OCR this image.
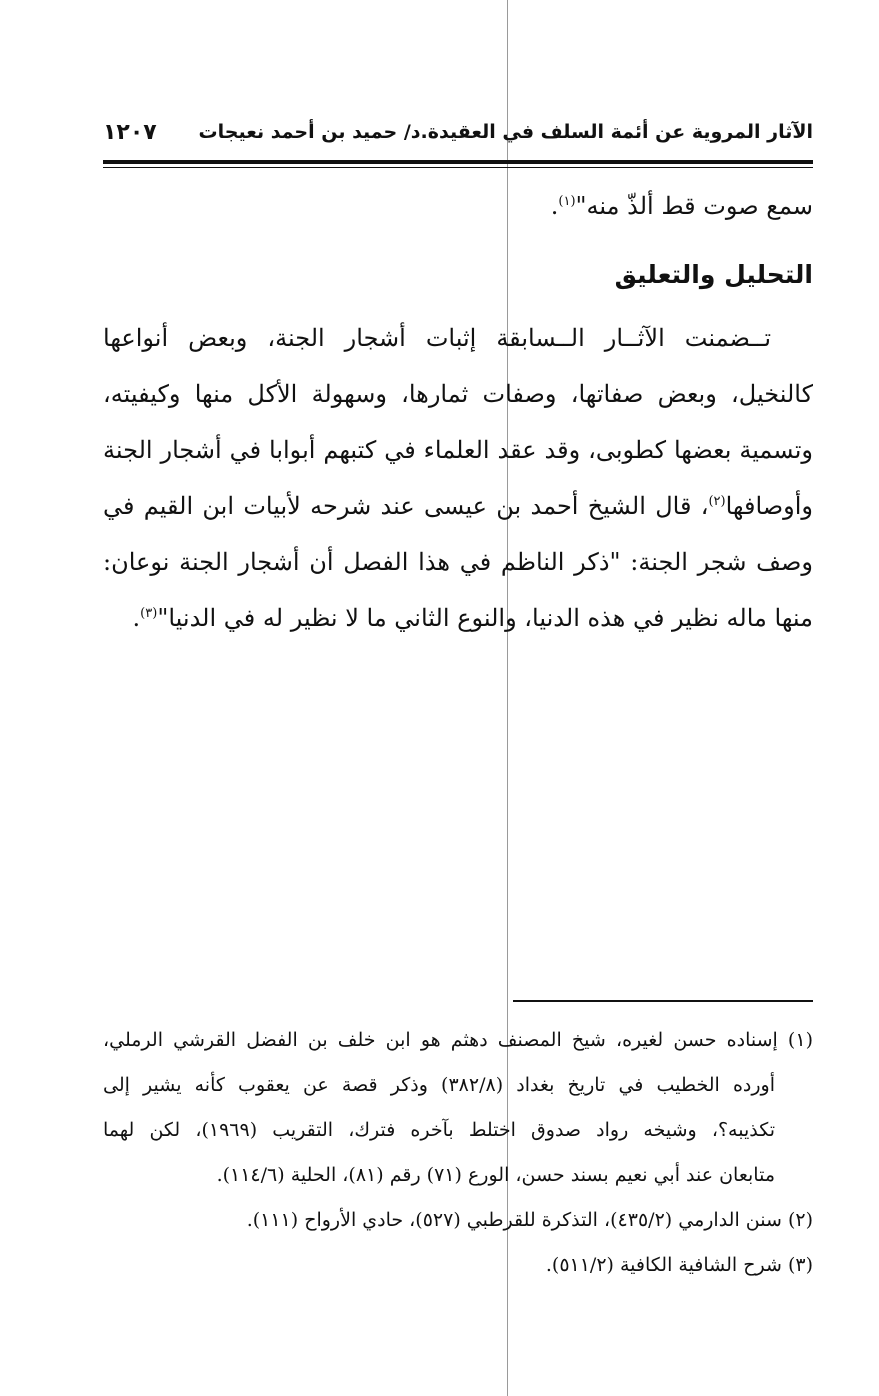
الآثار المروية عن أئمة السلف في العقيدة.د/ حميد بن أحمد نعيجات
١٢٠٧
سمع صوت قط ألذّ منه"$^{(١)}$.
التحليل والتعليق
تــضمنت الآثــار الــسابقة إثبات أشجار الجنة، وبعض أنواعها
كالنخيل، وبعض صفاتها، وصفات ثمارها، وسهولة الأكل منها وكيفيته،
وتسمية بعضها كطوبى، وقد عقد العلماء في كتبهم أبوابا في أشجار الجنة
وأوصافها$^{(٢)}$، قال الشيخ أحمد بن عيسى عند شرحه لأبيات ابن القيم في
وصف شجر الجنة: "ذكر الناظم في هذا الفصل أن أشجار الجنة نوعان:
منها ماله نظير في هذه الدنيا، والنوع الثاني ما لا نظير له في الدنيا"$^{(٣)}$.
(١) إسناده حسن لغيره، شيخ المصنف دهثم هو ابن خلف بن الفضل القرشي الرملي،
أورده الخطيب في تاريخ بغداد (٣٨٢/٨) وذكر قصة عن يعقوب كأنه يشير إلى
تكذيبه؟، وشيخه رواد صدوق اختلط بآخره فترك، التقريب (١٩٦٩)، لكن لهما
متابعان عند أبي نعيم بسند حسن، الورع (٧١) رقم (٨١)، الحلية (١١٤/٦).
(٢) سنن الدارمي (٤٣٥/٢)، التذكرة للقرطبي (٥٢٧)، حادي الأرواح (١١١).
(٣) شرح الشافية الكافية (٥١١/٢).
